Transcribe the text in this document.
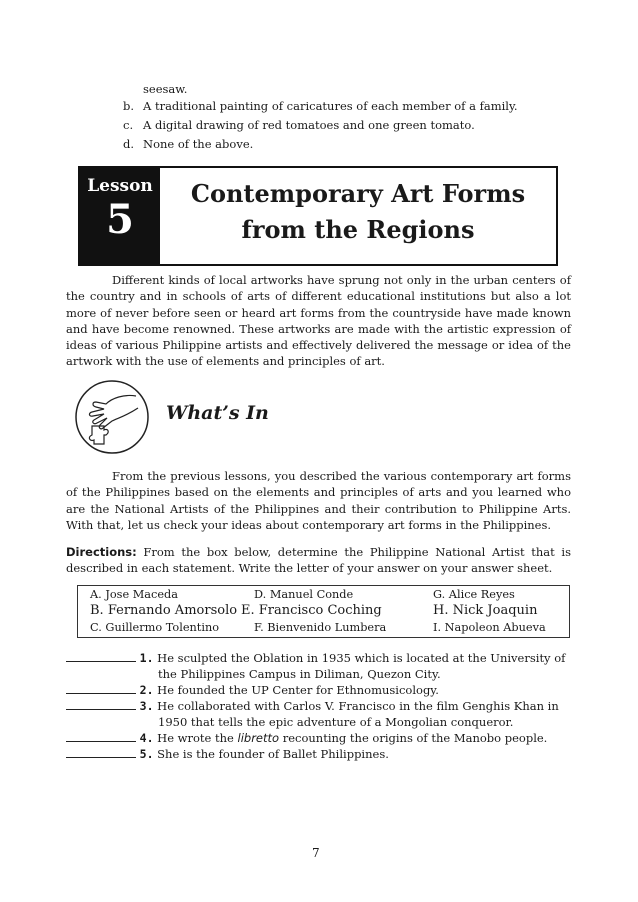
seesaw.
b. A traditional painting of caricatures of each member of a family.
c. A digital drawing of red tomatoes and one green tomato.
d. None of the above.
Lesson
5
Contemporary Art Forms
from the Regions
Different kinds of local artworks have sprung not only in the urban centers of the country and in schools of arts of different educational institutions but also a lot more of never before seen or heard art forms from the countryside have made known and have become renowned. These artworks are made with the artistic expression of ideas of various Philippine artists and effectively delivered the message or idea of the artwork with the use of elements and principles of art.
What’s In
From the previous lessons, you described the various contemporary art forms of the Philippines based on the elements and principles of arts and you learned who are the National Artists of the Philippines and their contribution to Philippine Arts. With that, let us check your ideas about contemporary art forms in the Philippines.
Directions: From the box below, determine the Philippine National Artist that is described in each statement. Write the letter of your answer on your answer sheet.
A. Jose Maceda	D. Manuel Conde	G. Alice Reyes
B. Fernando Amorsolo E. Francisco Coching	H. Nick Joaquin
C. Guillermo Tolentino	F. Bienvenido Lumbera	I. Napoleon Abueva
1. He sculpted the Oblation in 1935 which is located at the University of
the Philippines Campus in Diliman, Quezon City.
2. He founded the UP Center for Ethnomusicology.
3. He collaborated with Carlos V. Francisco in the film Genghis Khan in
1950 that tells the epic adventure of a Mongolian conqueror.
4. He wrote the libretto recounting the origins of the Manobo people.
5. She is the founder of Ballet Philippines.
7
